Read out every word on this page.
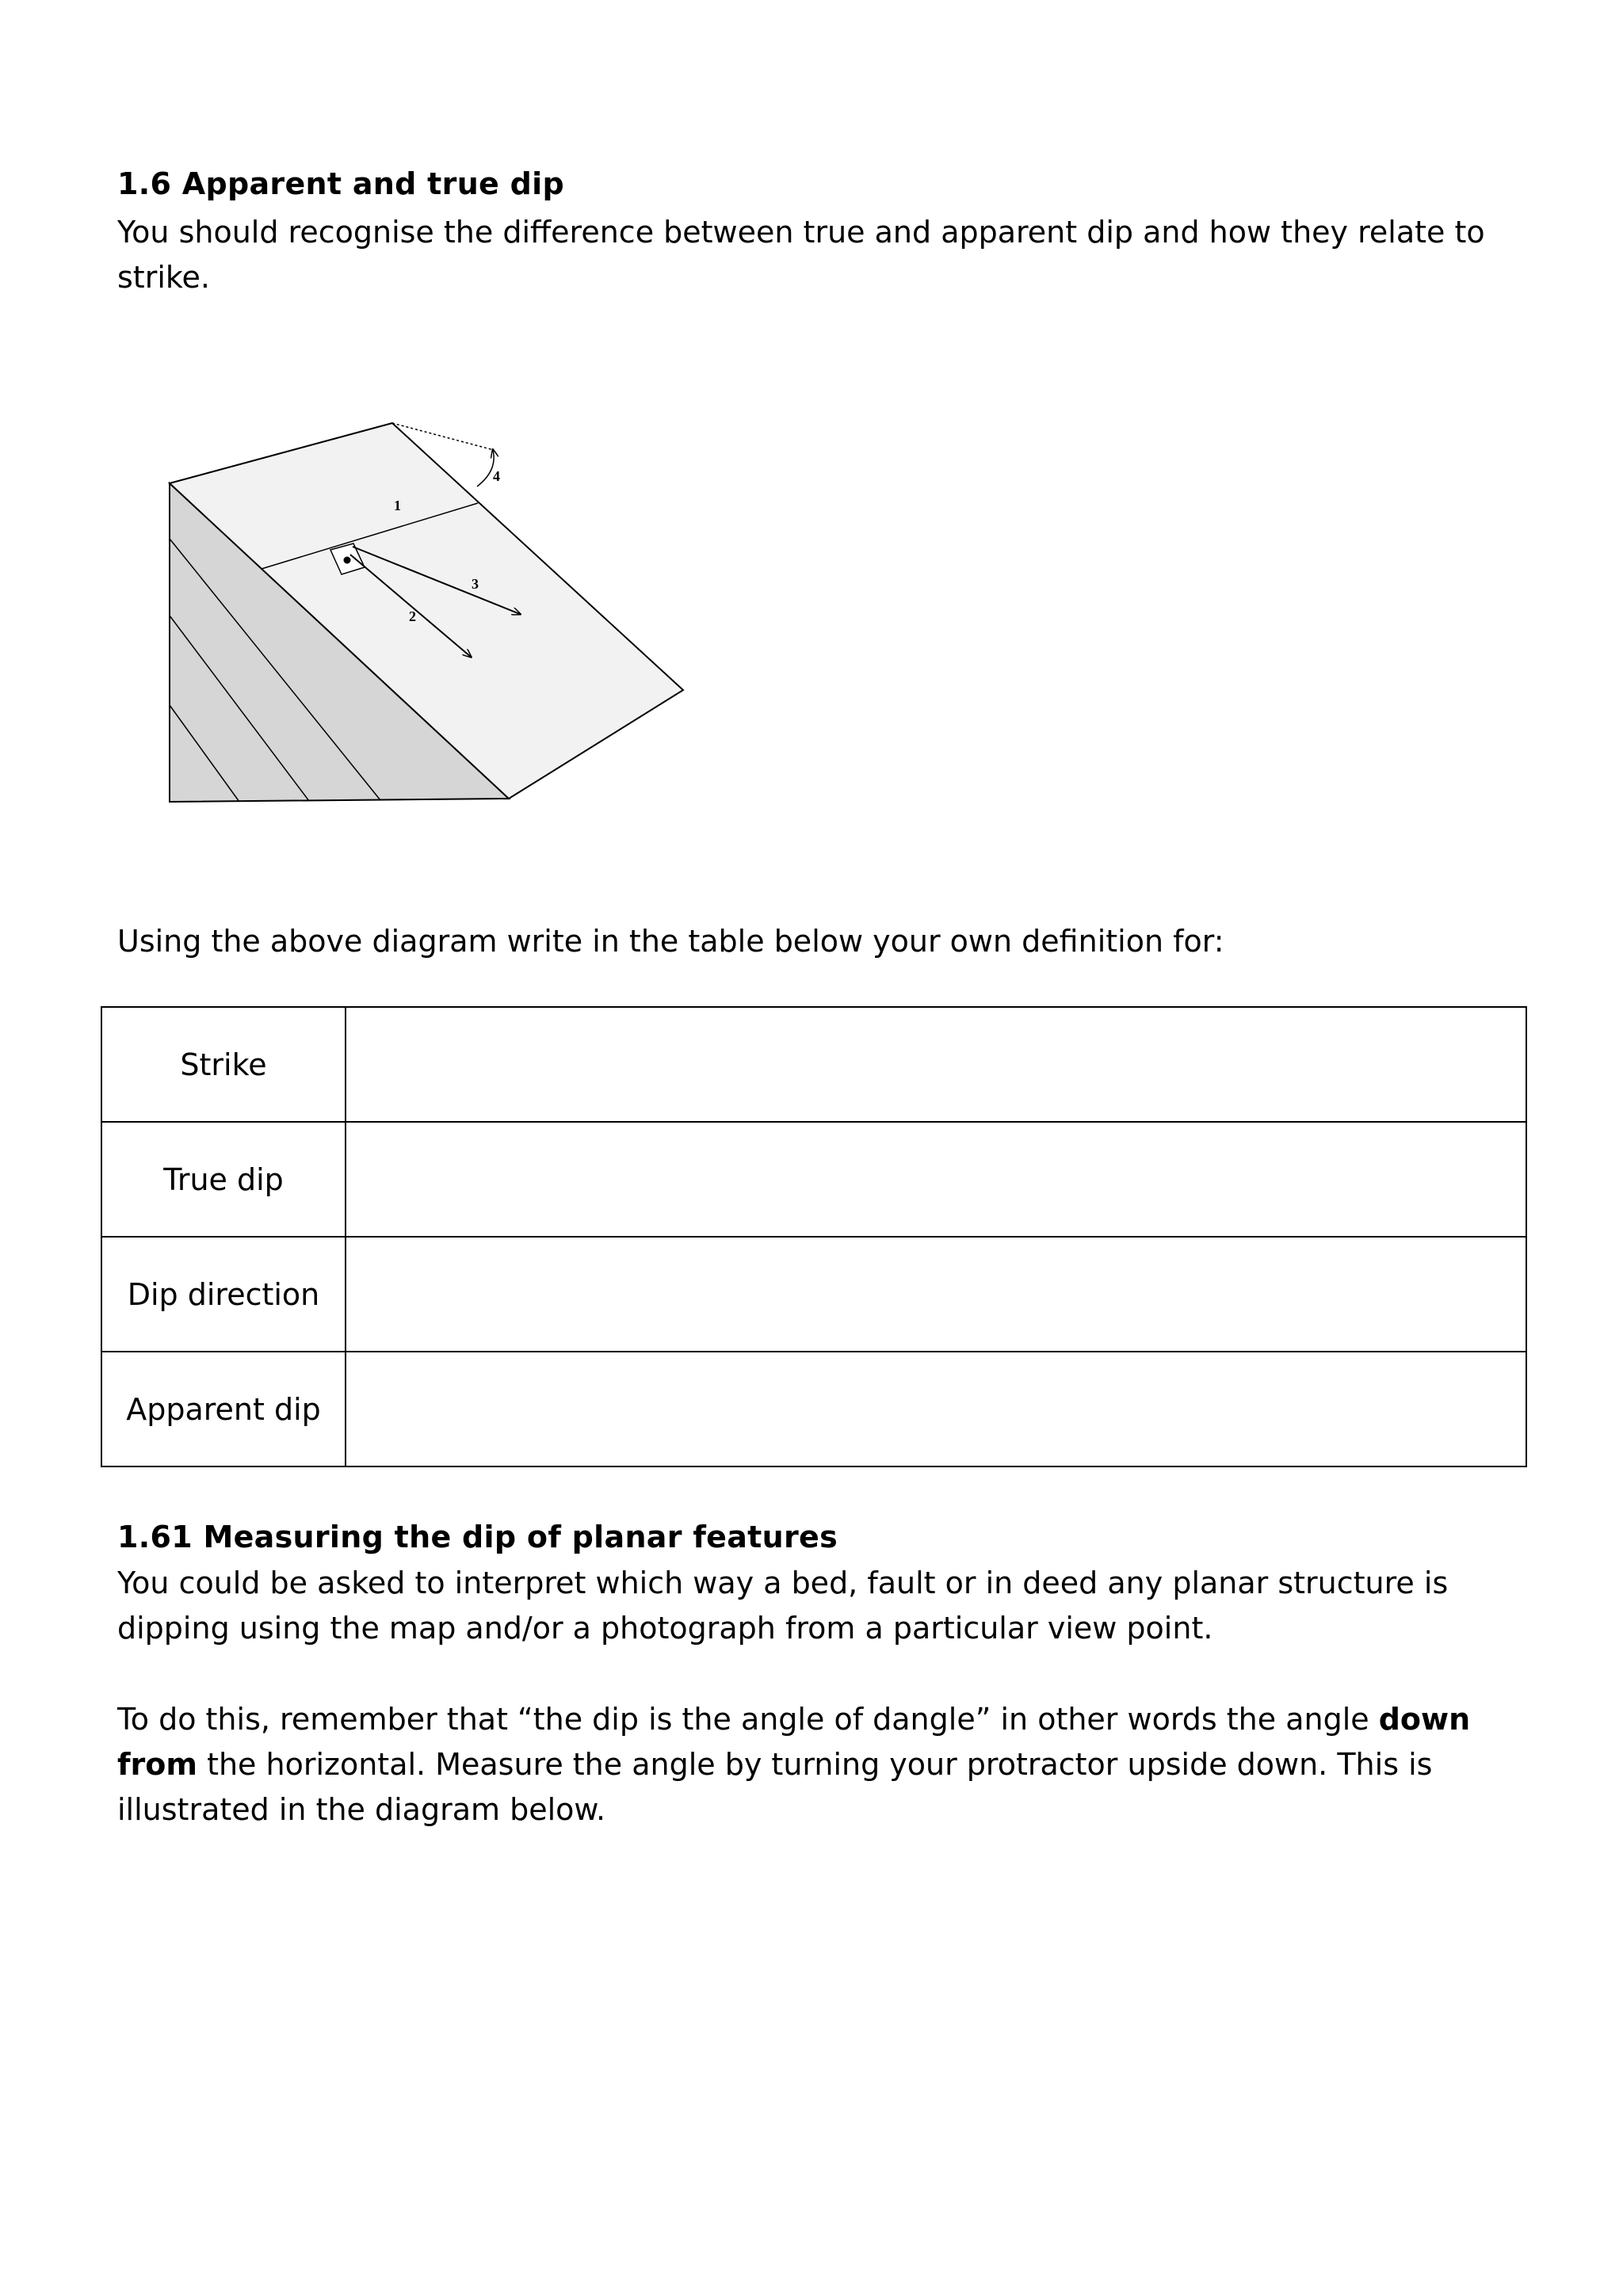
1.6 Apparent and true dip

You should recognise the difference between true and apparent dip and how they relate to strike.

1
2
3
4

Using the above diagram write in the table below your own definition for:

Strike	
True dip	
Dip direction	
Apparent dip	
1.61 Measuring the dip of planar features

You could be asked to interpret which way a bed, fault or in deed any planar structure is dipping using the map and/or a photograph from a particular view point.

To do this, remember that “the dip is the angle of dangle” in other words the angle down from the horizontal. Measure the angle by turning your protractor upside down. This is illustrated in the diagram below.
